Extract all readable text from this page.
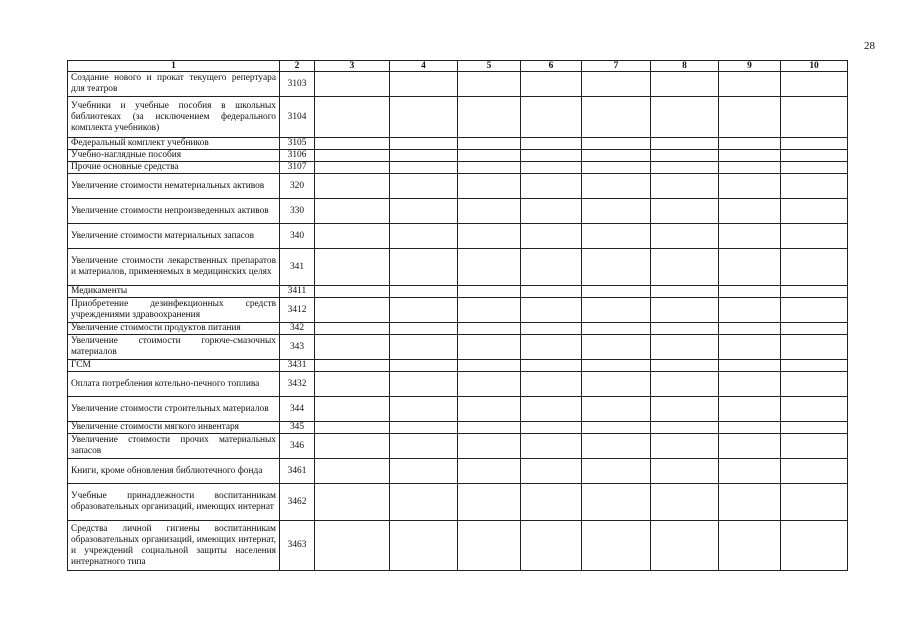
28
1	2	3	4	5	6	7	8	9	10
Создание нового и прокат текущего репертуара для театров	3103								
Учебники и учебные пособия в школьных библиотеках (за исключением федерального комплекта учебников)	3104								
Федеральный комплект учебников	3105								
Учебно-наглядные пособия	3106								
Прочие основные средства	3107								
Увеличение стоимости нематериальных активов	320								
Увеличение стоимости непроизведенных активов	330								
Увеличение стоимости материальных запасов	340								
Увеличение стоимости лекарственных препаратов и материалов, применяемых в медицинских целях	341								
Медикаменты	3411								
Приобретение дезинфекционных средств учреждениями здравоохранения	3412								
Увеличение стоимости продуктов питания	342								
Увеличение стоимости горюче-смазочных материалов	343								
ГСМ	3431								
Оплата потребления котельно-печного топлива	3432								
Увеличение стоимости строительных материалов	344								
Увеличение стоимости мягкого инвентаря	345								
Увеличение стоимости прочих материальных запасов	346								
Книги, кроме обновления библиотечного фонда	3461								
Учебные принадлежности воспитанникам образовательных организаций, имеющих интернат	3462								
Средства личной гигиены воспитанникам образовательных организаций, имеющих интернат, и учреждений социальной защиты населения интернатного типа	3463								
